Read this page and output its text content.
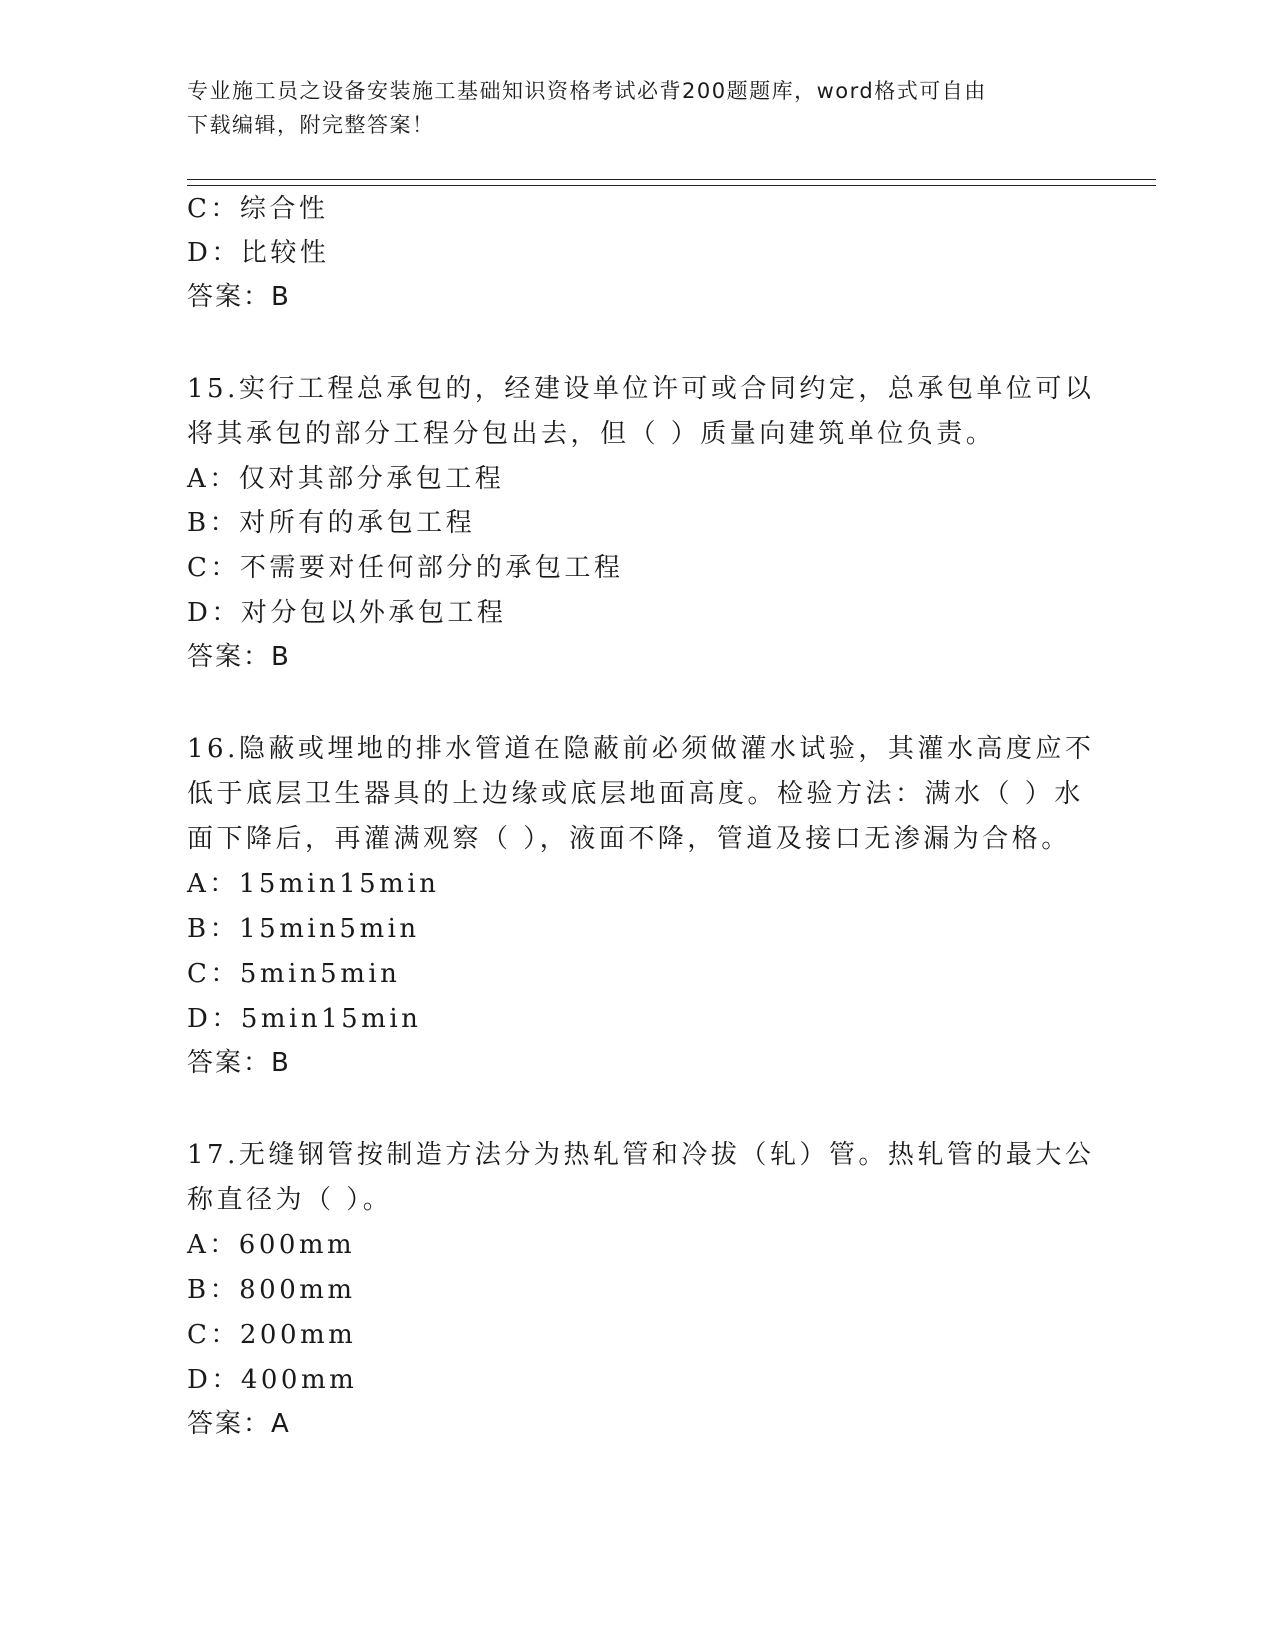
专业施工员之设备安装施工基础知识资格考试必背200题题库，word格式可自由
下载编辑，附完整答案！
C：综合性
D：比较性
答案：B
15.实行工程总承包的，经建设单位许可或合同约定，总承包单位可以
将其承包的部分工程分包出去，但（ ）质量向建筑单位负责。
A：仅对其部分承包工程
B：对所有的承包工程
C：不需要对任何部分的承包工程
D：对分包以外承包工程
答案：B
16.隐蔽或埋地的排水管道在隐蔽前必须做灌水试验，其灌水高度应不
低于底层卫生器具的上边缘或底层地面高度。检验方法：满水（ ）水
面下降后，再灌满观察（ ），液面不降，管道及接口无渗漏为合格。
A：15min15min
B：15min5min
C：5min5min
D：5min15min
答案：B
17.无缝钢管按制造方法分为热轧管和冷拔（轧）管。热轧管的最大公
称直径为（ ）。
A：600mm
B：800mm
C：200mm
D：400mm
答案：A
